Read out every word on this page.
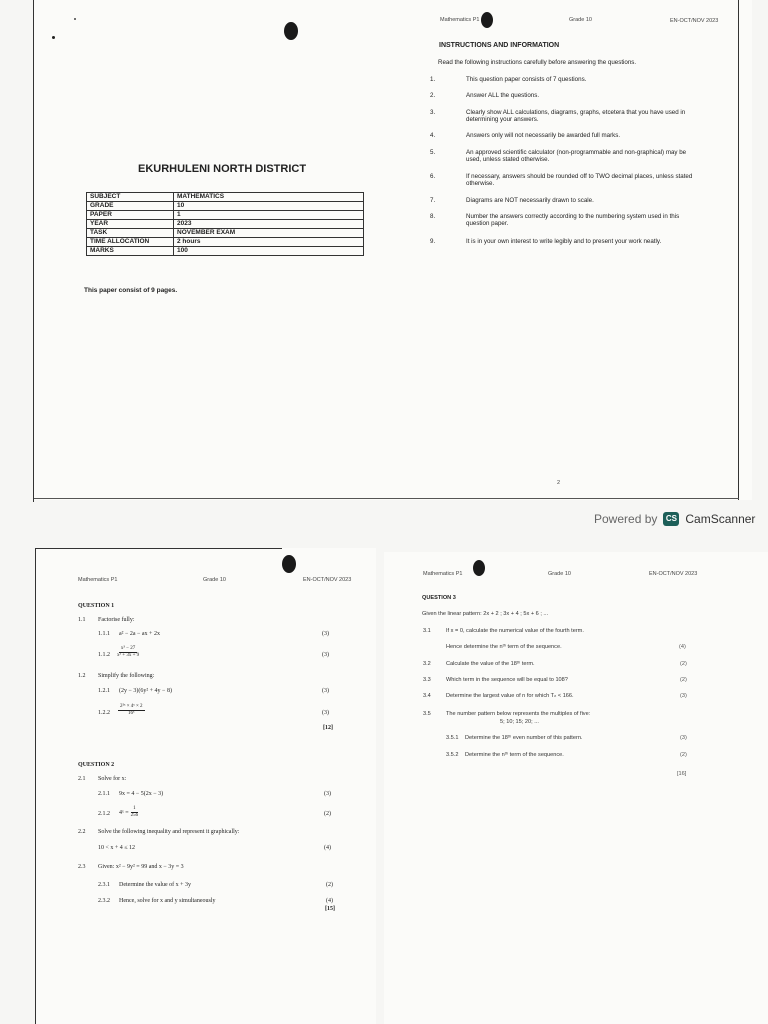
EKURHULENI NORTH DISTRICT
SUBJECT	MATHEMATICS
GRADE	10
PAPER	1
YEAR	2023
TASK	NOVEMBER EXAM
TIME ALLOCATION	2 hours
MARKS	100
This paper consist of 9 pages.
Mathematics P1	Grade 10	EN-OCT/NOV 2023
INSTRUCTIONS AND INFORMATION
Read the following instructions carefully before answering the questions.
1.	This question paper consists of 7 questions.
2.	Answer ALL the questions.
3.	Clearly show ALL calculations, diagrams, graphs, etcetera that you have used in determining your answers.
4.	Answers only will not necessarily be awarded full marks.
5.	An approved scientific calculator (non-programmable and non-graphical) may be used, unless stated otherwise.
6.	If necessary, answers should be rounded off to TWO decimal places, unless stated otherwise.
7.	Diagrams are NOT necessarily drawn to scale.
8.	Number the answers correctly according to the numbering system used in this question paper.
9.	It is in your own interest to write legibly and to present your work neatly.
2
Powered by	CS CamScanner
Mathematics P1	Grade 10	EN-OCT/NOV 2023
QUESTION 1
1.1 Factorise fully:
1.1.1 a² − 2a − ax + 2x	(3)
$1.1.2 \frac{\text{x³ − 27}}{\text{x² + 3x + 9}}$	(3)
1.2 Simplify the following:
1.2.1 (2y − 3)(6y² + 4y − 8)	(3)
$1.2.2 \frac{\text{2²ˣ × 4ˣ × 2}}{\text{16ˣ}}$	(3)
[12]
QUESTION 2
2.1 Solve for x:
2.1.1 9x = 4 − 5(2x − 3)	(3)
2.1.2 4ˣ = $\frac{1}{256}$	(2)
2.2 Solve the following inequality and represent it graphically:
10 < x + 4 ≤ 12	(4)
2.3 Given: x² − 9y² = 99 and x − 3y = 3
2.3.1 Determine the value of x + 3y	(2)
2.3.2 Hence, solve for x and y simultaneously	(4)
[15]
Mathematics P1	Grade 10	EN-OCT/NOV 2023
QUESTION 3
Given the linear pattern: 2x + 2 ; 3x + 4 ; 5x + 6 ; ...
3.1	If x = 0, calculate the numerical value of the fourth term.
Hence determine the nᵗʰ term of the sequence.	(4)
3.2	Calculate the value of the 18ᵗʰ term.	(2)
3.3	Which term in the sequence will be equal to 108?	(2)
3.4	Determine the largest value of n for which Tₙ < 166.	(3)
3.5	The number pattern below represents the multiples of five:
5; 10; 15; 20; ...
3.5.1 Determine the 18ᵗʰ even number of this pattern.	(3)
3.5.2 Determine the nᵗʰ term of the sequence.	(2)
[16]
